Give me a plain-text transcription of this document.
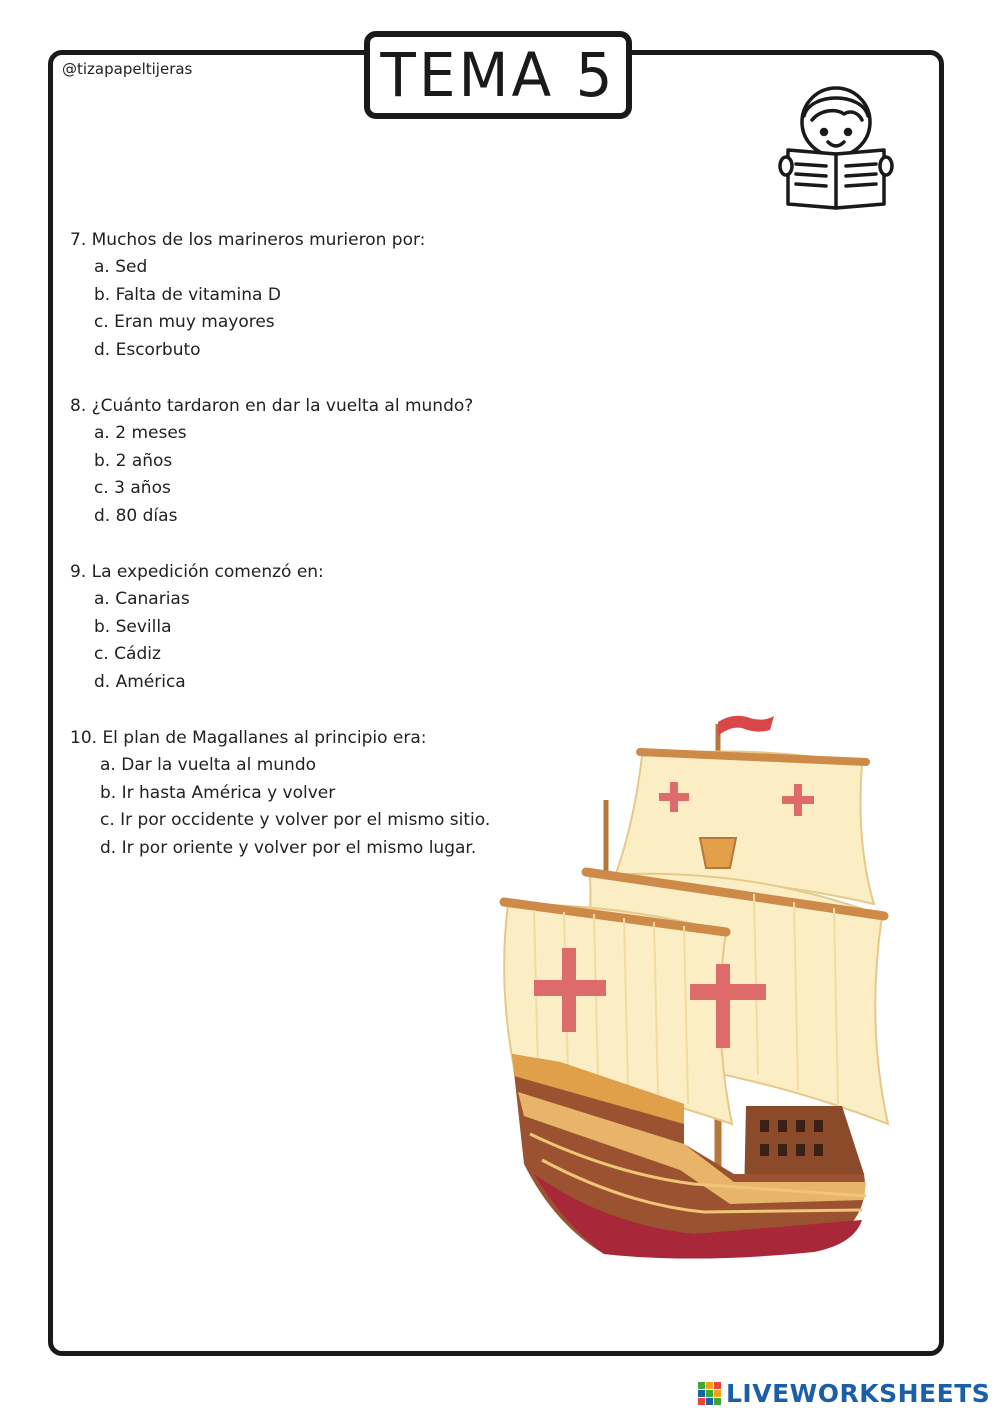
TEMA 5
@tizapapeltijeras

7. Muchos de los marineros murieron por:

a. Sed
b. Falta de vitamina D
c. Eran muy mayores
d. Escorbuto

8. ¿Cuánto tardaron en dar la vuelta al mundo?

a. 2 meses
b. 2 años
c. 3 años
d. 80 días

9. La expedición comenzó en:

a. Canarias
b. Sevilla
c. Cádiz
d. América

10. El plan de Magallanes al principio era:

a. Dar la vuelta al mundo
b. Ir hasta América y volver
c. Ir por occidente y volver por el mismo sitio.
d. Ir por oriente y volver por el mismo lugar.
LIVEWORKSHEETS
